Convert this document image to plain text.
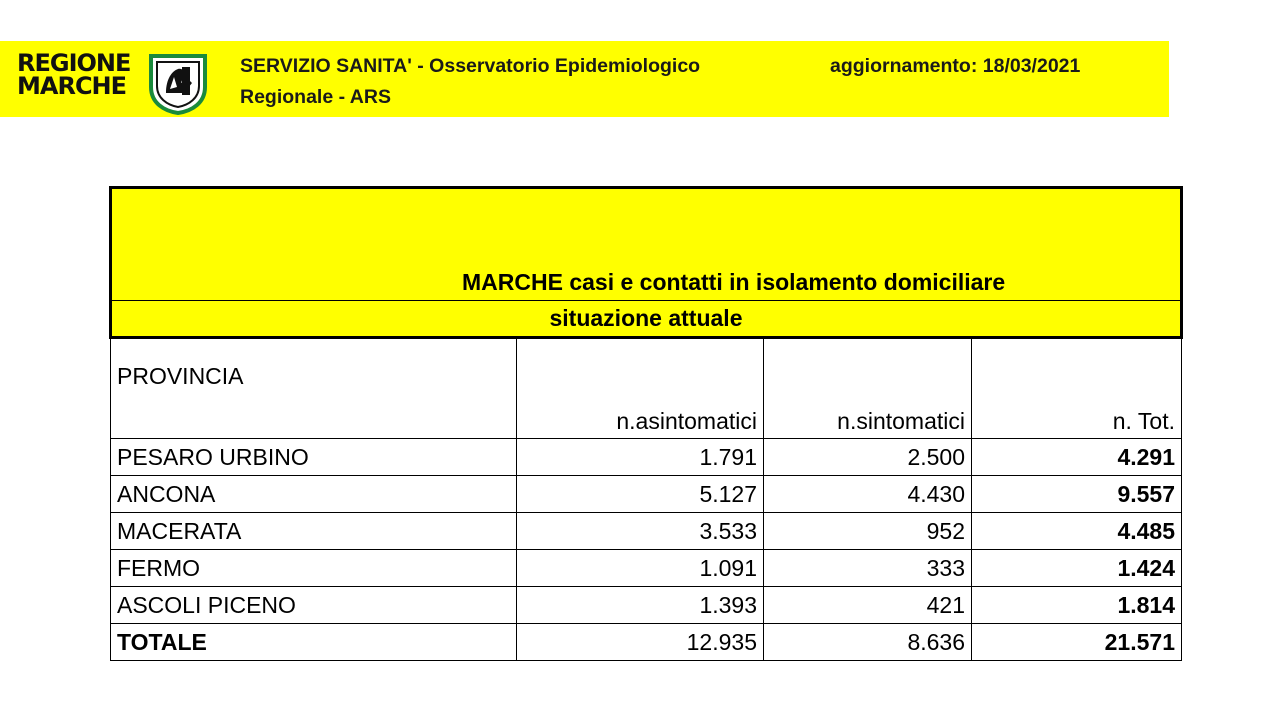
REGIONE
MARCHE
SERVIZIO SANITA' - Osservatorio Epidemiologico
Regionale - ARS
aggiornamento: 18/03/2021
MARCHE casi e contatti in isolamento domiciliare			
situazione attuale			
PROVINCIA	n.asintomatici	n.sintomatici	n. Tot.
PESARO URBINO	1.791	2.500	4.291
ANCONA	5.127	4.430	9.557
MACERATA	3.533	952	4.485
FERMO	1.091	333	1.424
ASCOLI PICENO	1.393	421	1.814
TOTALE	12.935	8.636	21.571
